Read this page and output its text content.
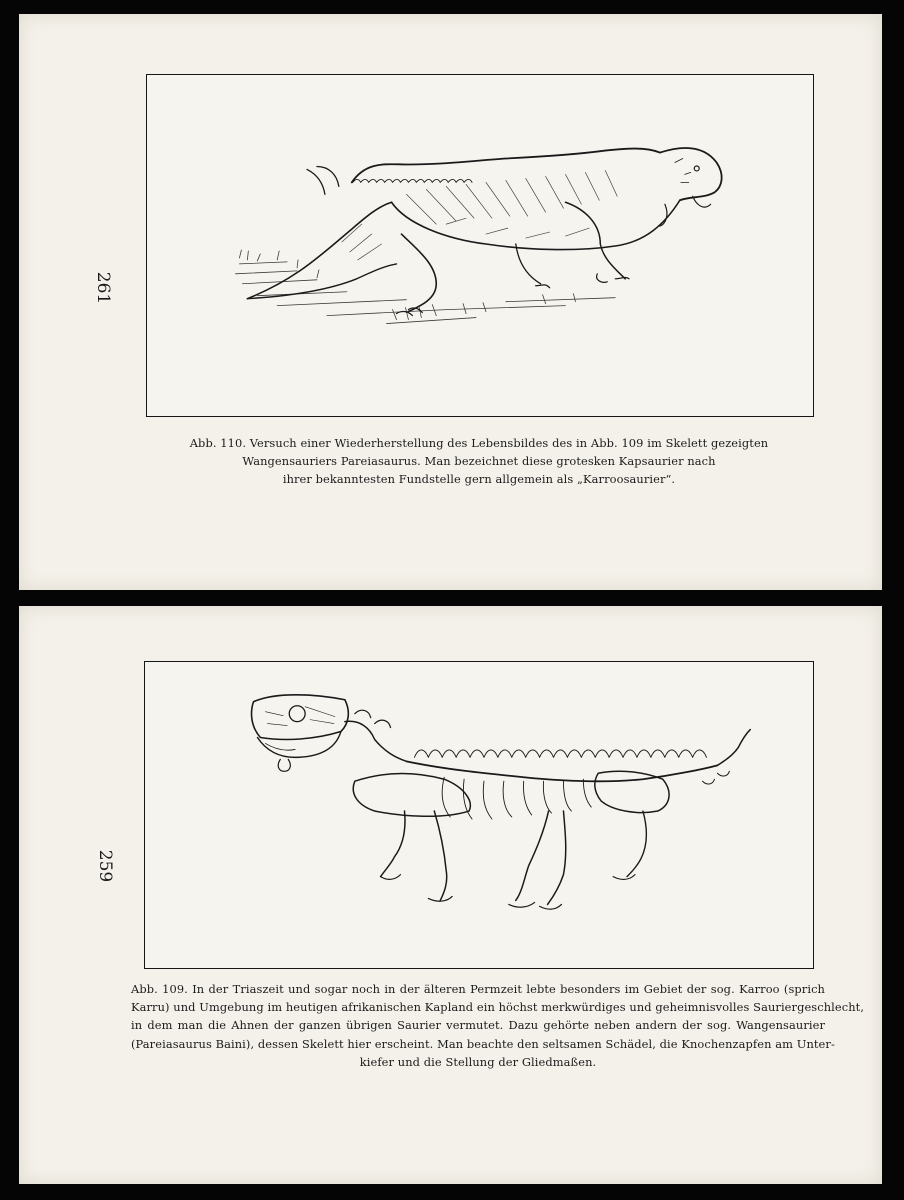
261
Abb. 110. Versuch einer Wiederherstellung des Lebensbildes des in Abb. 109 im Skelett gezeigten
Wangensauriers Pareiasaurus. Man bezeichnet diese grotesken Kapsaurier nach
ihrer bekanntesten Fundstelle gern allgemein als „Karroosaurier“.
259
Abb. 109. In der Triaszeit und sogar noch in der älteren Permzeit lebte besonders im Gebiet der sog. Karroo (sprich
Karru) und Umgebung im heutigen afrikanischen Kapland ein höchst merkwürdiges und geheimnisvolles Sauriergeschlecht,
in dem man die Ahnen der ganzen übrigen Saurier vermutet. Dazu gehörte neben andern der sog. Wangensaurier
(Pareiasaurus Baini), dessen Skelett hier erscheint. Man beachte den seltsamen Schädel, die Knochenzapfen am Unter-
kiefer und die Stellung der Gliedmaßen.
